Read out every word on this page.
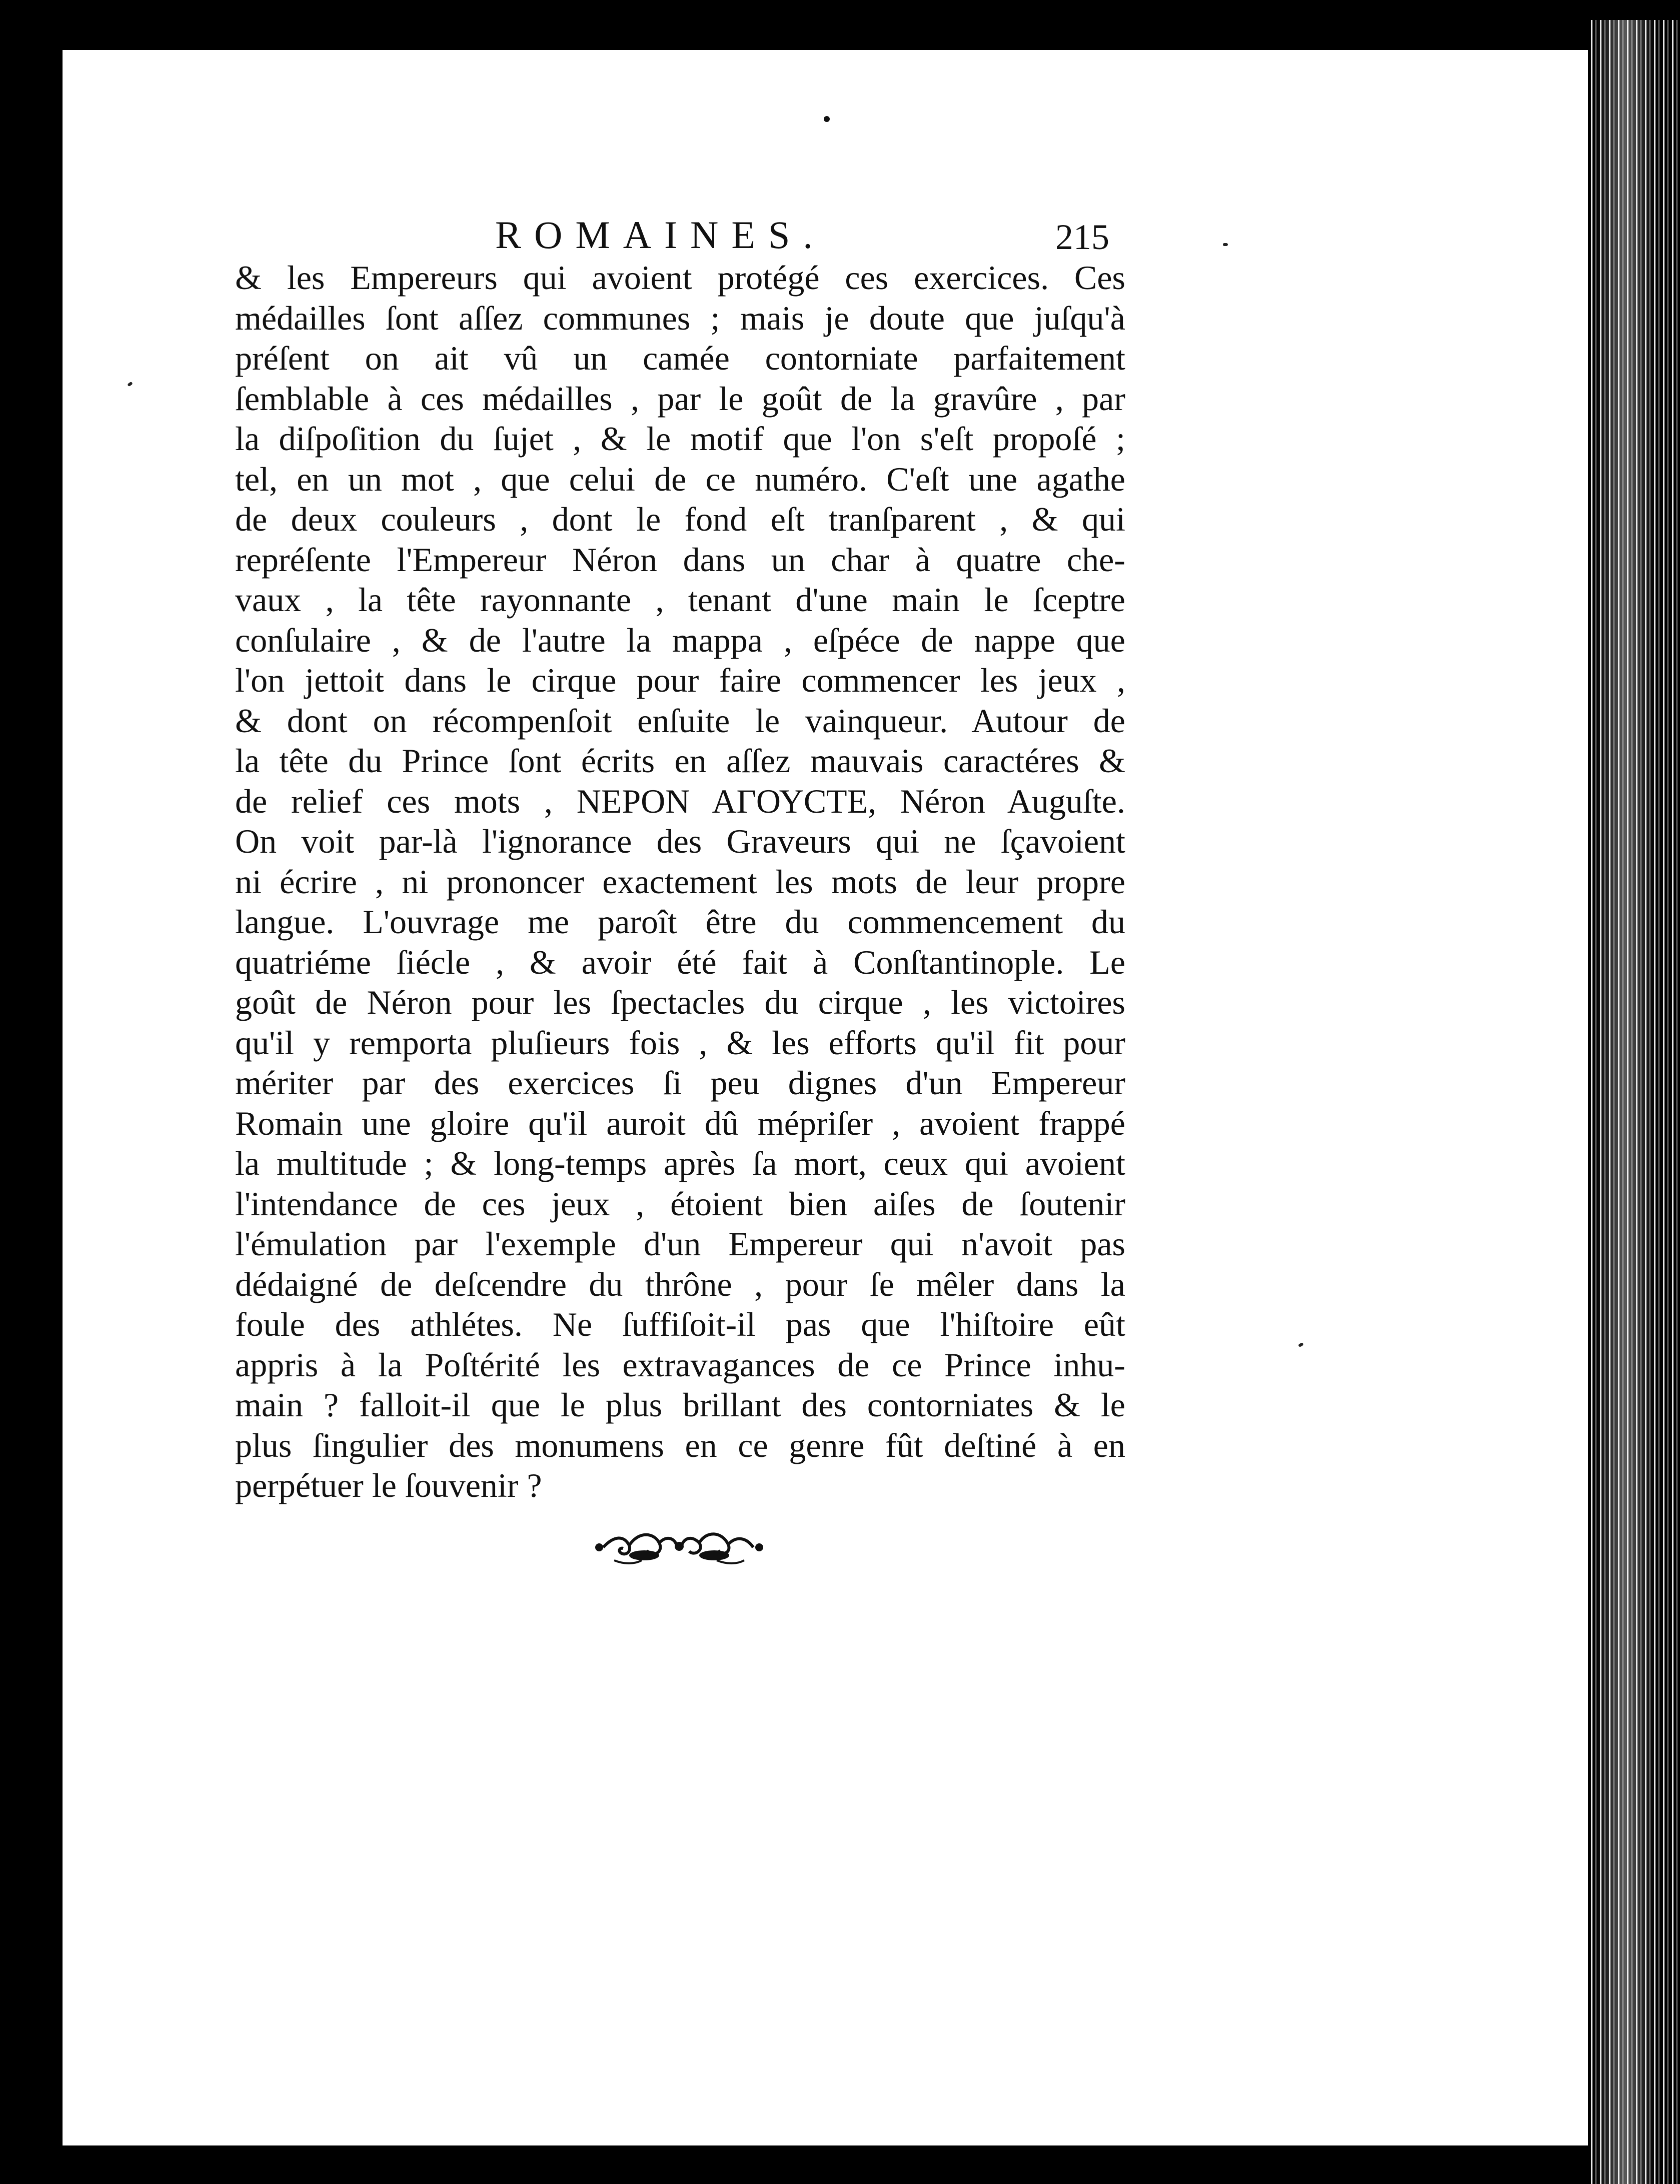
ROMAINES.	215
& les Empereurs qui avoient protégé ces exercices. Ces
médailles ſont aſſez communes ; mais je doute que juſqu'à
préſent on ait vû un camée contorniate parfaitement
ſemblable à ces médailles , par le goût de la gravûre , par
la diſpoſition du ſujet , & le motif que l'on s'eſt propoſé ;
tel, en un mot , que celui de ce numéro. C'eſt une agathe
de deux couleurs , dont le fond eſt tranſparent , & qui
repréſente l'Empereur Néron dans un char à quatre che-
vaux , la tête rayonnante , tenant d'une main le ſceptre
conſulaire , & de l'autre la mappa , eſpéce de nappe que
l'on jettoit dans le cirque pour faire commencer les jeux ,
& dont on récompenſoit enſuite le vainqueur. Autour de
la tête du Prince ſont écrits en aſſez mauvais caractéres &
de relief ces mots , ΝΕΡΟΝ ΑΓΟΥϹΤΕ, Néron Auguſte.
On voit par-là l'ignorance des Graveurs qui ne ſçavoient
ni écrire , ni prononcer exactement les mots de leur propre
langue. L'ouvrage me paroît être du commencement du
quatriéme ſiécle , & avoir été fait à Conſtantinople. Le
goût de Néron pour les ſpectacles du cirque , les victoires
qu'il y remporta pluſieurs fois , & les efforts qu'il fit pour
mériter par des exercices ſi peu dignes d'un Empereur
Romain une gloire qu'il auroit dû mépriſer , avoient frappé
la multitude ; & long-temps après ſa mort, ceux qui avoient
l'intendance de ces jeux , étoient bien aiſes de ſoutenir
l'émulation par l'exemple d'un Empereur qui n'avoit pas
dédaigné de deſcendre du thrône , pour ſe mêler dans la
foule des athlétes. Ne ſuffiſoit-il pas que l'hiſtoire eût
appris à la Poſtérité les extravagances de ce Prince inhu-
main ? falloit-il que le plus brillant des contorniates & le
plus ſingulier des monumens en ce genre fût deſtiné à en
perpétuer le ſouvenir ?
